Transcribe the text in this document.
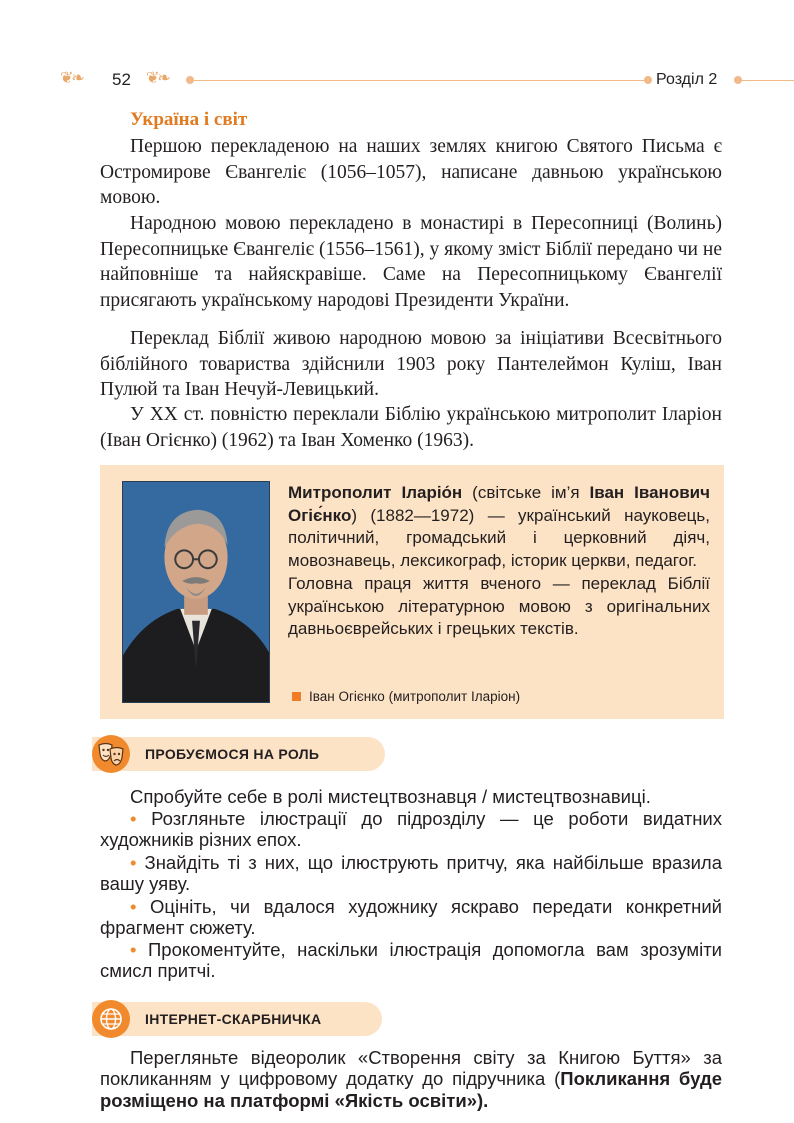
❦❧ 52 ❦❧	Розділ 2
Україна і світ

Першою перекладеною на наших землях книгою Святого Письма є Остромирове Євангеліє (1056–1057), написане давньою українською мовою.

Народною мовою перекладено в монастирі в Пересопниці (Волинь) Пересопницьке Євангеліє (1556–1561), у якому зміст Біблії передано чи не найповніше та найяскравіше. Саме на Пересопницькому Євангелії присягають українському народові Президенти України.

Переклад Біблії живою народною мовою за ініціативи Всесвітнього біблійного товариства здійснили 1903 року Пантелеймон Куліш, Іван Пулюй та Іван Нечуй-Левицький.

У ХХ ст. повністю переклали Біблію українською митрополит Іларіон (Іван Огієнко) (1962) та Іван Хоменко (1963).

Митрополит Іларіо́н (світське ім’я Іван Іванович Огіє́нко) (1882—1972) — український науковець, політичний, громадський і церковний діяч, мовознавець, лексикограф, історик церкви, педагог.
Головна праця життя вченого — переклад Біблії українською літературною мовою з оригінальних давньоєврейських і грецьких текстів.

Іван Огієнко (митрополит Іларіон)
ПРОБУЄМОСЯ НА РОЛЬ

Спробуйте себе в ролі мистецтвознавця / мистецтвознавиці.

• Розгляньте ілюстрації до підрозділу — це роботи видатних художників різних епох.

• Знайдіть ті з них, що ілюструють притчу, яка найбільше вразила вашу уяву.

• Оцініть, чи вдалося художнику яскраво передати конкретний фрагмент сюжету.

• Прокоментуйте, наскільки ілюстрація допомогла вам зрозуміти смисл притчі.

ІНТЕРНЕТ-СКАРБНИЧКА

Перегляньте відеоролик «Створення світу за Книгою Буття» за покликанням у цифровому додатку до підручника (Покликання буде розміщено на платформі «Якість освіти»).
